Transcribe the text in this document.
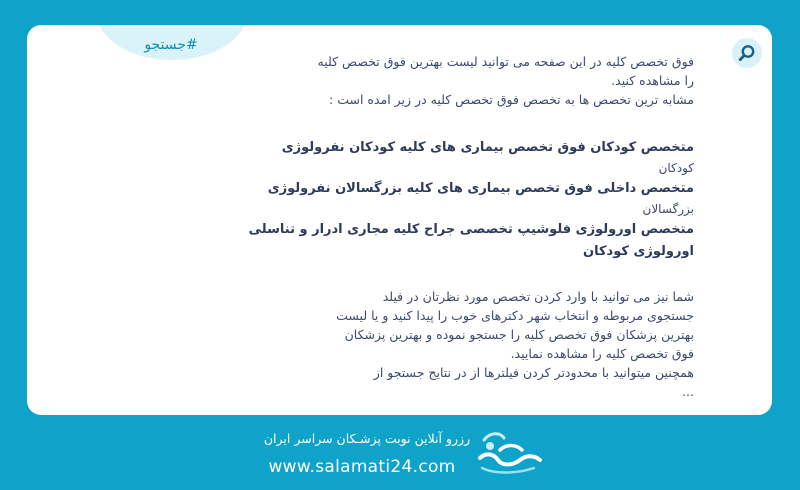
#جستجو
فوق تخصص کلیه در این صفحه می توانید لیست بهترین فوق تخصص کلیه
را مشاهده کنید.
مشابه ترین تخصص ها به تخصص فوق تخصص کلیه در زیر امده است :
متخصص کودکان فوق تخصص بیماری های کلیه کودکان نفرولوژی
کودکان
متخصص داخلی فوق تخصص بیماری های کلیه بزرگسالان نفرولوژی
بزرگسالان
متخصص اورولوژی فلوشیپ تخصصی جراح کلیه مجاری ادرار و تناسلی
اورولوژی کودکان
شما نیز می توانید با وارد کردن تخصص مورد نظرتان در فیلد
جستجوی مربوطه و انتخاب شهر دکترهای خوب را پیدا کنید و یا لیست
بهترین پزشکان فوق تخصص کلیه را جستجو نموده و بهترین پزشکان
فوق تخصص کلیه را مشاهده نمایید.
همچنین میتوانید با محدودتر کردن فیلترها از در نتایج جستجو از
...
رزرو آنلاین نوبت پزشـکان سراسر ایران
www.salamati24.com
